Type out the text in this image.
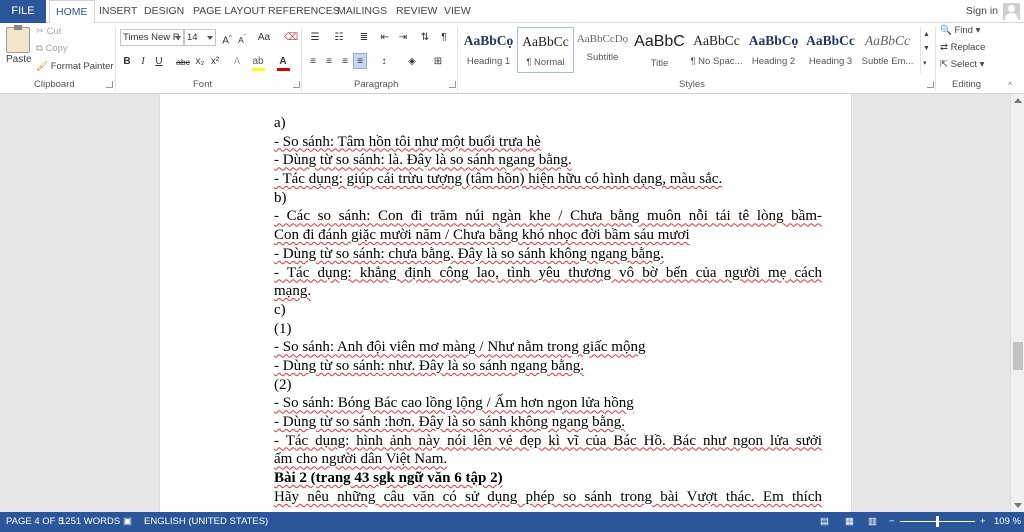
FILE	HOME	INSERT DESIGN PAGE LAYOUT REFERENCES
MAILINGS REVIEW VIEW	Sign in
Paste
✂ Cut
⧉ Copy
🖌 Format Painter
Clipboard
Times New R 14	A^ $A^ˇ$	Aa	⌫
B	I	U	abc x₂ x²	A	ab	A
Font
☰	☷	≣	⇤ ⇥ ⇅	¶
≡	≡	≡ ≡	↕	◈	⊞
Paragraph
AaBbCọ
Heading 1
AaBbCc
¶ Normal
AaBbCcDọ
Subtitle
AaBbC
Title
AaBbCc
¶ No Spac...
AaBbCọ
Heading 2
AaBbCc
Heading 3
AaBbCc
Subtle Em...
▲
▼
▾
Styles
🔍 Find ▾
⇄ Replace
⇱ Select ▾
Editing	^
a)
- So sánh: Tâm hồn tôi như một buổi trưa hè
- Dùng từ so sánh: là. Đây là so sánh ngang bằng.
- Tác dụng: giúp cái trừu tượng (tâm hồn) hiện hữu có hình dạng, màu sắc.
b)
- Các so sánh: Con đi trăm núi ngàn khe / Chưa bằng muôn nỗi tái tê lòng bầm-
Con đi đánh giặc mười năm / Chưa bằng khó nhọc đời bầm sáu mươi
- Dùng từ so sánh: chưa bằng. Đây là so sánh không ngang bằng.
- Tác dụng: khẳng định công lao, tình yêu thương vô bờ bến của người mẹ cách
mạng.
c)
(1)
- So sánh: Anh đội viên mơ màng / Như nằm trong giấc mộng
- Dùng từ so sánh: như. Đây là so sánh ngang bằng.
(2)
- So sánh: Bóng Bác cao lồng lộng / Ấm hơn ngon lửa hồng
- Dùng từ so sánh :hơn. Đây là so sánh không ngang bằng.
- Tác dụng: hình ảnh này nói lên vẻ đẹp kì vĩ của Bác Hồ. Bác như ngon lửa sưởi
ấm cho người dân Việt Nam.
Bài 2 (trang 43 sgk ngữ văn 6 tập 2)
Hãy nêu những câu văn có sử dụng phép so sánh trong bài Vượt thác. Em thích
PAGE 4 OF 5
1251 WORDS ▣ ENGLISH (UNITED STATES)	▤ ▦ ▥ −	+ 109 %
